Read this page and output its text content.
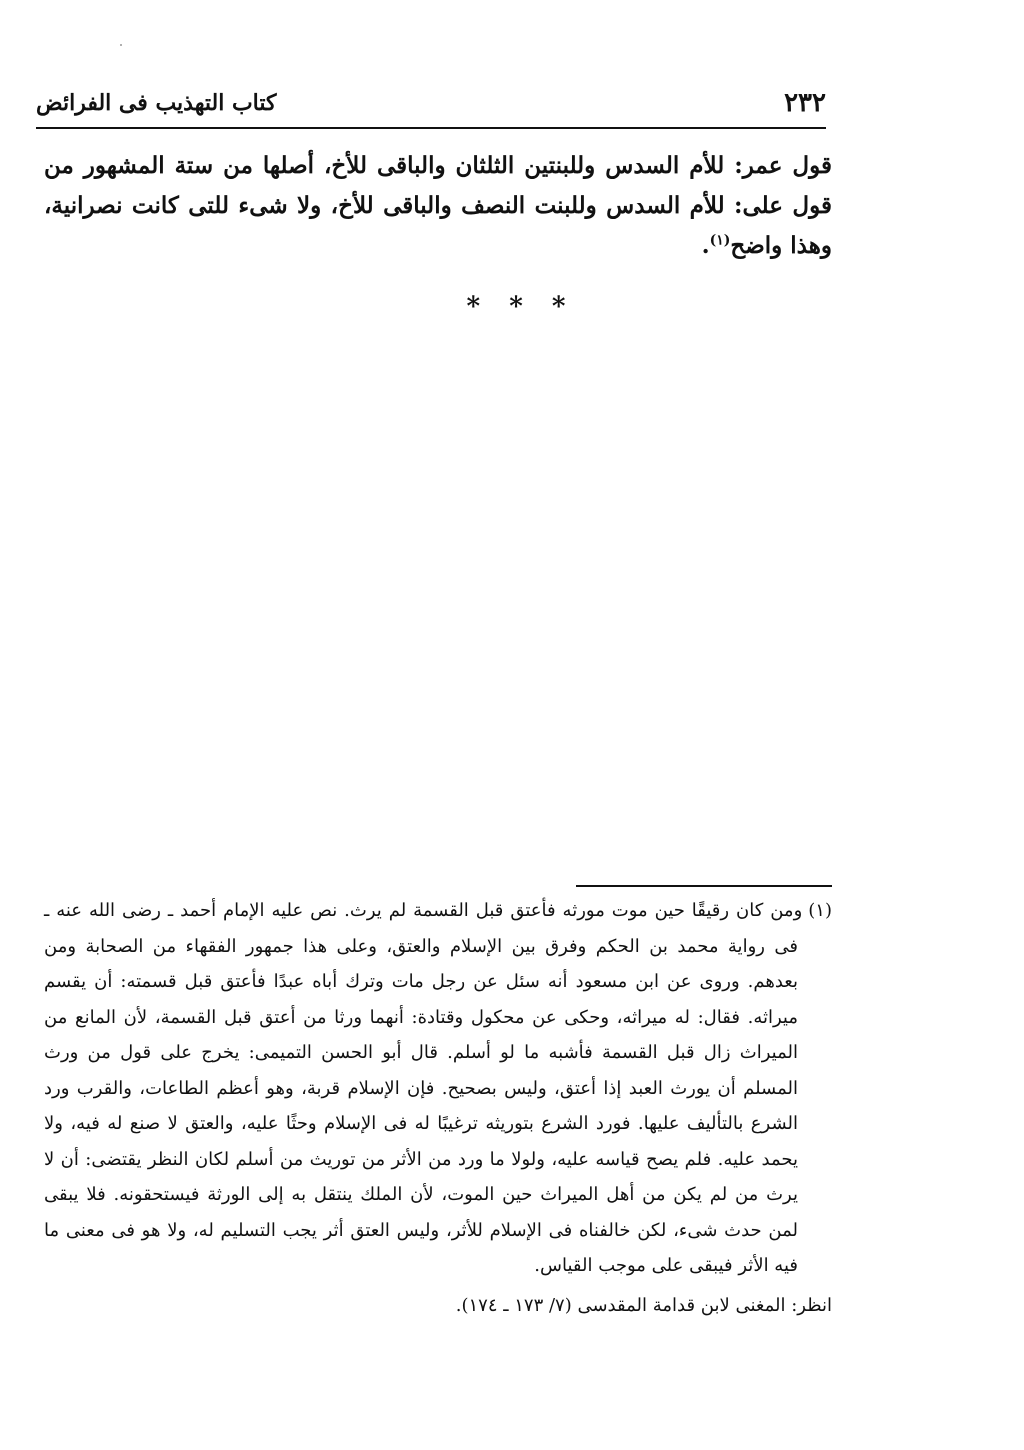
٢٣٢
كتاب التهذيب فى الفرائض
قول عمر: للأم السدس وللبنتين الثلثان والباقى للأخ، أصلها من ستة المشهور من قول على: للأم السدس وللبنت النصف والباقى للأخ، ولا شىء للتى كانت نصرانية، وهذا واضح$^{(١)}$.
* * *
(١)ومن كان رقيقًا حين موت مورثه فأعتق قبل القسمة لم يرث. نص عليه الإمام أحمد ـ رضى الله عنه ـ فى رواية محمد بن الحكم وفرق بين الإسلام والعتق، وعلى هذا جمهور الفقهاء من الصحابة ومن بعدهم. وروى عن ابن مسعود أنه سئل عن رجل مات وترك أباه عبدًا فأعتق قبل قسمته: أن يقسم ميراثه. فقال: له ميراثه، وحكى عن محكول وقتادة: أنهما ورثا من أعتق قبل القسمة، لأن المانع من الميراث زال قبل القسمة فأشبه ما لو أسلم. قال أبو الحسن التميمى: يخرج على قول من ورث المسلم أن يورث العبد إذا أعتق، وليس بصحيح. فإن الإسلام قربة، وهو أعظم الطاعات، والقرب ورد الشرع بالتأليف عليها. فورد الشرع بتوريثه ترغيبًا له فى الإسلام وحثًا عليه، والعتق لا صنع له فيه، ولا يحمد عليه. فلم يصح قياسه عليه، ولولا ما ورد من الأثر من توريث من أسلم لكان النظر يقتضى: أن لا يرث من لم يكن من أهل الميراث حين الموت، لأن الملك ينتقل به إلى الورثة فيستحقونه. فلا يبقى لمن حدث شىء، لكن خالفناه فى الإسلام للأثر، وليس العتق أثر يجب التسليم له، ولا هو فى معنى ما فيه الأثر فيبقى على موجب القياس.
انظر: المغنى لابن قدامة المقدسى (٧/ ١٧٣ ـ ١٧٤).
